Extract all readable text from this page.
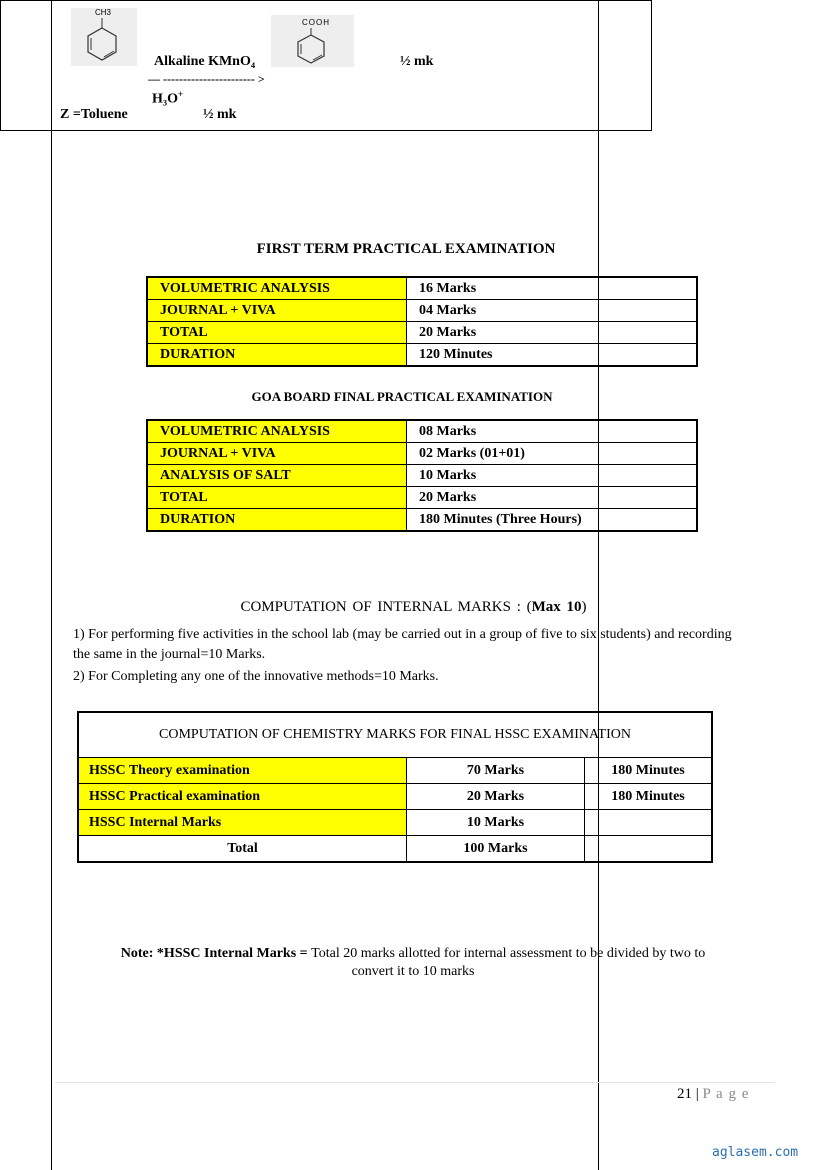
CH3
COOH
Alkaline KMnO₄	½ mk
— ----------------------- >
H₃O+
Z =Toluene	½ mk
FIRST TERM PRACTICAL EXAMINATION
VOLUMETRIC ANALYSIS	16 Marks
JOURNAL + VIVA	04 Marks
TOTAL	20 Marks
DURATION	120 Minutes
GOA BOARD FINAL PRACTICAL EXAMINATION
VOLUMETRIC ANALYSIS	08 Marks
JOURNAL + VIVA	02 Marks (01+01)
ANALYSIS OF SALT	10 Marks
TOTAL	20 Marks
DURATION	180 Minutes (Three Hours)
COMPUTATION OF INTERNAL MARKS : (Max 10)
1) For performing five activities in the school lab (may be carried out in a group of five to six students) and recording the same in the journal=10 Marks.
2) For Completing any one of the innovative methods=10 Marks.
COMPUTATION OF CHEMISTRY MARKS FOR FINAL HSSC EXAMINATION		
HSSC Theory examination	70 Marks	180 Minutes
HSSC Practical examination	20 Marks	180 Minutes
HSSC Internal Marks	10 Marks	
Total	100 Marks	
Note: *HSSC Internal Marks = Total 20 marks allotted for internal assessment to be divided by two to
convert it to 10 marks
21 | P a g e
aglasem.com
